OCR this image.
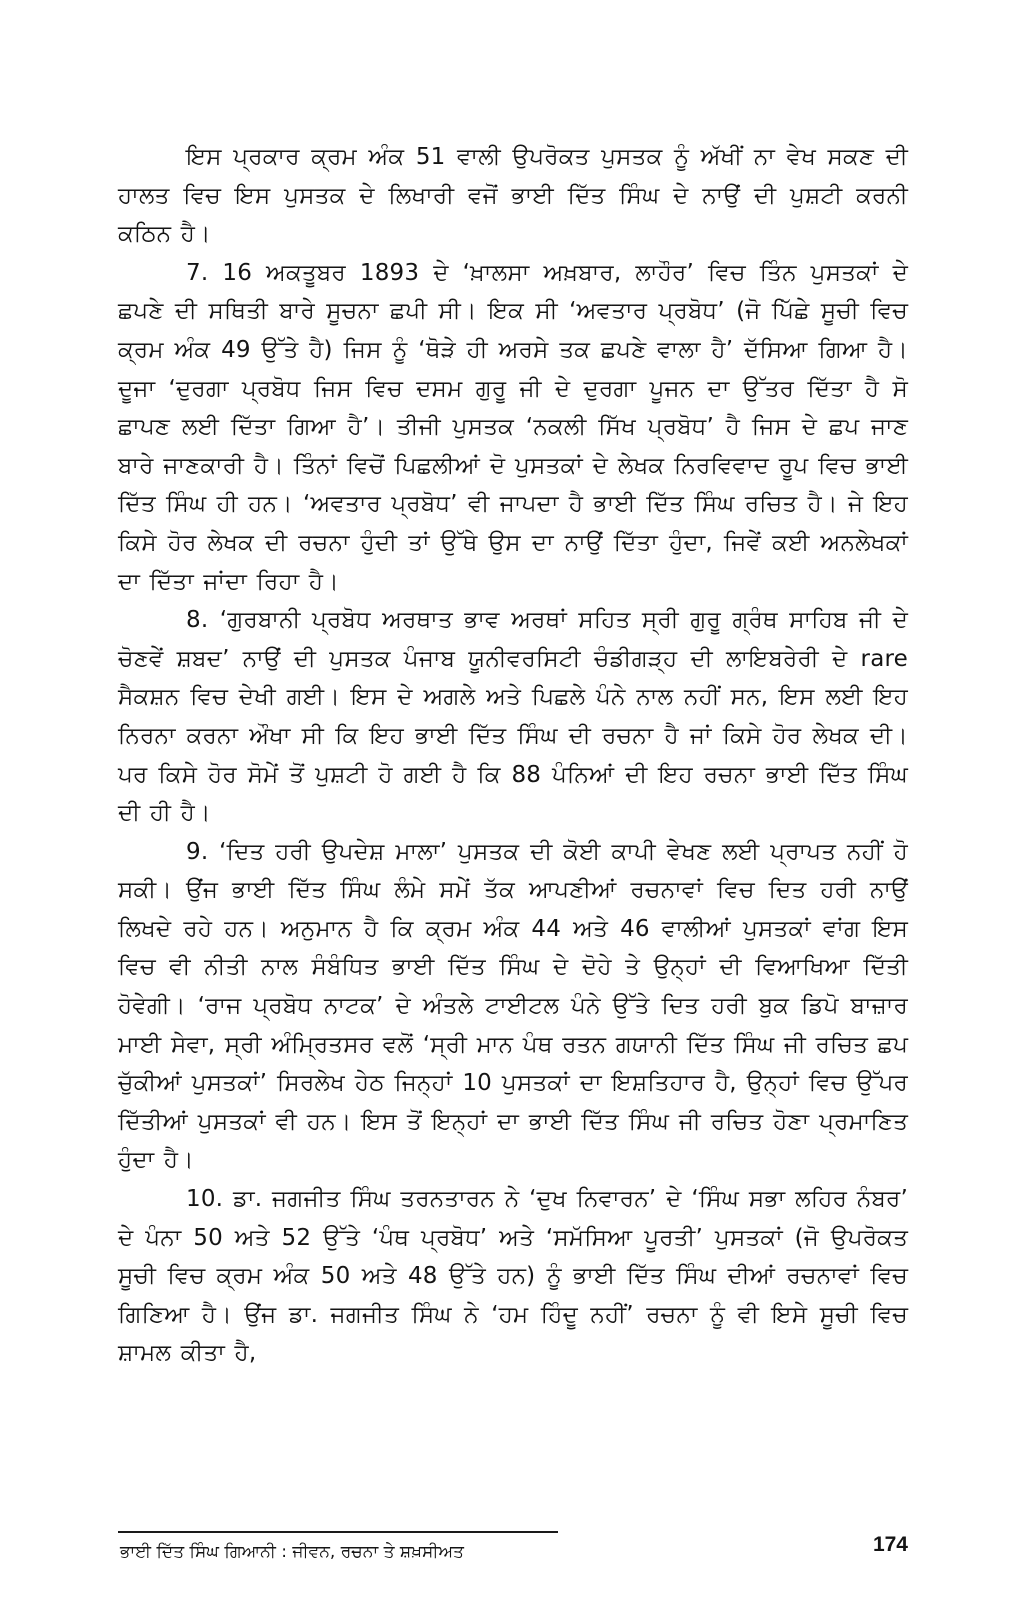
ਇਸ ਪ੍ਰਕਾਰ ਕ੍ਰਮ ਅੰਕ 51 ਵਾਲੀ ਉਪਰੋਕਤ ਪੁਸਤਕ ਨੂੰ ਅੱਖੀਂ ਨਾ ਵੇਖ ਸਕਣ ਦੀ ਹਾਲਤ ਵਿਚ ਇਸ ਪੁਸਤਕ ਦੇ ਲਿਖਾਰੀ ਵਜੋਂ ਭਾਈ ਦਿੱਤ ਸਿੰਘ ਦੇ ਨਾਉਂ ਦੀ ਪੁਸ਼ਟੀ ਕਰਨੀ ਕਠਿਨ ਹੈ।

7. 16 ਅਕਤੂਬਰ 1893 ਦੇ ‘ਖ਼ਾਲਸਾ ਅਖ਼ਬਾਰ, ਲਾਹੌਰ’ ਵਿਚ ਤਿੰਨ ਪੁਸਤਕਾਂ ਦੇ ਛਪਣੇ ਦੀ ਸਥਿਤੀ ਬਾਰੇ ਸੂਚਨਾ ਛਪੀ ਸੀ। ਇਕ ਸੀ ‘ਅਵਤਾਰ ਪ੍ਰਬੋਧ’ (ਜੋ ਪਿੱਛੇ ਸੂਚੀ ਵਿਚ ਕ੍ਰਮ ਅੰਕ 49 ਉੱਤੇ ਹੈ) ਜਿਸ ਨੂੰ ‘ਥੋੜੇ ਹੀ ਅਰਸੇ ਤਕ ਛਪਣੇ ਵਾਲਾ ਹੈ’ ਦੱਸਿਆ ਗਿਆ ਹੈ। ਦੂਜਾ ‘ਦੁਰਗਾ ਪ੍ਰਬੋਧ ਜਿਸ ਵਿਚ ਦਸਮ ਗੁਰੂ ਜੀ ਦੇ ਦੁਰਗਾ ਪੂਜਨ ਦਾ ਉੱਤਰ ਦਿੱਤਾ ਹੈ ਸੋ ਛਾਪਣ ਲਈ ਦਿੱਤਾ ਗਿਆ ਹੈ’। ਤੀਜੀ ਪੁਸਤਕ ‘ਨਕਲੀ ਸਿੱਖ ਪ੍ਰਬੋਧ’ ਹੈ ਜਿਸ ਦੇ ਛਪ ਜਾਣ ਬਾਰੇ ਜਾਣਕਾਰੀ ਹੈ। ਤਿੰਨਾਂ ਵਿਚੋਂ ਪਿਛਲੀਆਂ ਦੋ ਪੁਸਤਕਾਂ ਦੇ ਲੇਖਕ ਨਿਰਵਿਵਾਦ ਰੂਪ ਵਿਚ ਭਾਈ ਦਿੱਤ ਸਿੰਘ ਹੀ ਹਨ। ‘ਅਵਤਾਰ ਪ੍ਰਬੋਧ’ ਵੀ ਜਾਪਦਾ ਹੈ ਭਾਈ ਦਿੱਤ ਸਿੰਘ ਰਚਿਤ ਹੈ। ਜੇ ਇਹ ਕਿਸੇ ਹੋਰ ਲੇਖਕ ਦੀ ਰਚਨਾ ਹੁੰਦੀ ਤਾਂ ਉੱਥੇ ਉਸ ਦਾ ਨਾਉਂ ਦਿੱਤਾ ਹੁੰਦਾ, ਜਿਵੇਂ ਕਈ ਅਨਲੇਖਕਾਂ ਦਾ ਦਿੱਤਾ ਜਾਂਦਾ ਰਿਹਾ ਹੈ।

8. ‘ਗੁਰਬਾਨੀ ਪ੍ਰਬੋਧ ਅਰਥਾਤ ਭਾਵ ਅਰਥਾਂ ਸਹਿਤ ਸ੍ਰੀ ਗੁਰੂ ਗ੍ਰੰਥ ਸਾਹਿਬ ਜੀ ਦੇ ਚੋਣਵੇਂ ਸ਼ਬਦ’ ਨਾਉਂ ਦੀ ਪੁਸਤਕ ਪੰਜਾਬ ਯੂਨੀਵਰਸਿਟੀ ਚੰਡੀਗੜ੍ਹ ਦੀ ਲਾਇਬਰੇਰੀ ਦੇ rare ਸੈਕਸ਼ਨ ਵਿਚ ਦੇਖੀ ਗਈ। ਇਸ ਦੇ ਅਗਲੇ ਅਤੇ ਪਿਛਲੇ ਪੰਨੇ ਨਾਲ ਨਹੀਂ ਸਨ, ਇਸ ਲਈ ਇਹ ਨਿਰਨਾ ਕਰਨਾ ਔਖਾ ਸੀ ਕਿ ਇਹ ਭਾਈ ਦਿੱਤ ਸਿੰਘ ਦੀ ਰਚਨਾ ਹੈ ਜਾਂ ਕਿਸੇ ਹੋਰ ਲੇਖਕ ਦੀ। ਪਰ ਕਿਸੇ ਹੋਰ ਸੋਮੇਂ ਤੋਂ ਪੁਸ਼ਟੀ ਹੋ ਗਈ ਹੈ ਕਿ 88 ਪੰਨਿਆਂ ਦੀ ਇਹ ਰਚਨਾ ਭਾਈ ਦਿੱਤ ਸਿੰਘ ਦੀ ਹੀ ਹੈ।

9. ‘ਦਿਤ ਹਰੀ ਉਪਦੇਸ਼ ਮਾਲਾ’ ਪੁਸਤਕ ਦੀ ਕੋਈ ਕਾਪੀ ਵੇਖਣ ਲਈ ਪ੍ਰਾਪਤ ਨਹੀਂ ਹੋ ਸਕੀ। ਉਂਜ ਭਾਈ ਦਿੱਤ ਸਿੰਘ ਲੰਮੇ ਸਮੇਂ ਤੱਕ ਆਪਣੀਆਂ ਰਚਨਾਵਾਂ ਵਿਚ ਦਿਤ ਹਰੀ ਨਾਉਂ ਲਿਖਦੇ ਰਹੇ ਹਨ। ਅਨੁਮਾਨ ਹੈ ਕਿ ਕ੍ਰਮ ਅੰਕ 44 ਅਤੇ 46 ਵਾਲੀਆਂ ਪੁਸਤਕਾਂ ਵਾਂਗ ਇਸ ਵਿਚ ਵੀ ਨੀਤੀ ਨਾਲ ਸੰਬੰਧਿਤ ਭਾਈ ਦਿੱਤ ਸਿੰਘ ਦੇ ਦੋਹੇ ਤੇ ਉਨ੍ਹਾਂ ਦੀ ਵਿਆਖਿਆ ਦਿੱਤੀ ਹੋਵੇਗੀ। ‘ਰਾਜ ਪ੍ਰਬੋਧ ਨਾਟਕ’ ਦੇ ਅੰਤਲੇ ਟਾਈਟਲ ਪੰਨੇ ਉੱਤੇ ਦਿਤ ਹਰੀ ਬੁਕ ਡਿਪੋ ਬਾਜ਼ਾਰ ਮਾਈ ਸੇਵਾ, ਸ੍ਰੀ ਅੰਮ੍ਰਿਤਸਰ ਵਲੋਂ ‘ਸ੍ਰੀ ਮਾਨ ਪੰਥ ਰਤਨ ਗਯਾਨੀ ਦਿੱਤ ਸਿੰਘ ਜੀ ਰਚਿਤ ਛਪ ਚੁੱਕੀਆਂ ਪੁਸਤਕਾਂ’ ਸਿਰਲੇਖ ਹੇਠ ਜਿਨ੍ਹਾਂ 10 ਪੁਸਤਕਾਂ ਦਾ ਇਸ਼ਤਿਹਾਰ ਹੈ, ਉਨ੍ਹਾਂ ਵਿਚ ਉੱਪਰ ਦਿੱਤੀਆਂ ਪੁਸਤਕਾਂ ਵੀ ਹਨ। ਇਸ ਤੋਂ ਇਨ੍ਹਾਂ ਦਾ ਭਾਈ ਦਿੱਤ ਸਿੰਘ ਜੀ ਰਚਿਤ ਹੋਣਾ ਪ੍ਰਮਾਣਿਤ ਹੁੰਦਾ ਹੈ।

10. ਡਾ. ਜਗਜੀਤ ਸਿੰਘ ਤਰਨਤਾਰਨ ਨੇ ‘ਦੁਖ ਨਿਵਾਰਨ’ ਦੇ ‘ਸਿੰਘ ਸਭਾ ਲਹਿਰ ਨੰਬਰ’ ਦੇ ਪੰਨਾ 50 ਅਤੇ 52 ਉੱਤੇ ‘ਪੰਥ ਪ੍ਰਬੋਧ’ ਅਤੇ ‘ਸਮੱਸਿਆ ਪੂਰਤੀ’ ਪੁਸਤਕਾਂ (ਜੋ ਉਪਰੋਕਤ ਸੂਚੀ ਵਿਚ ਕ੍ਰਮ ਅੰਕ 50 ਅਤੇ 48 ਉੱਤੇ ਹਨ) ਨੂੰ ਭਾਈ ਦਿੱਤ ਸਿੰਘ ਦੀਆਂ ਰਚਨਾਵਾਂ ਵਿਚ ਗਿਣਿਆ ਹੈ। ਉਂਜ ਡਾ. ਜਗਜੀਤ ਸਿੰਘ ਨੇ ‘ਹਮ ਹਿੰਦੂ ਨਹੀਂ’ ਰਚਨਾ ਨੂੰ ਵੀ ਇਸੇ ਸੂਚੀ ਵਿਚ ਸ਼ਾਮਲ ਕੀਤਾ ਹੈ,

ਭਾਈ ਦਿੱਤ ਸਿੰਘ ਗਿਆਨੀ : ਜੀਵਨ, ਰਚਨਾ ਤੇ ਸ਼ਖ਼ਸੀਅਤ	174
